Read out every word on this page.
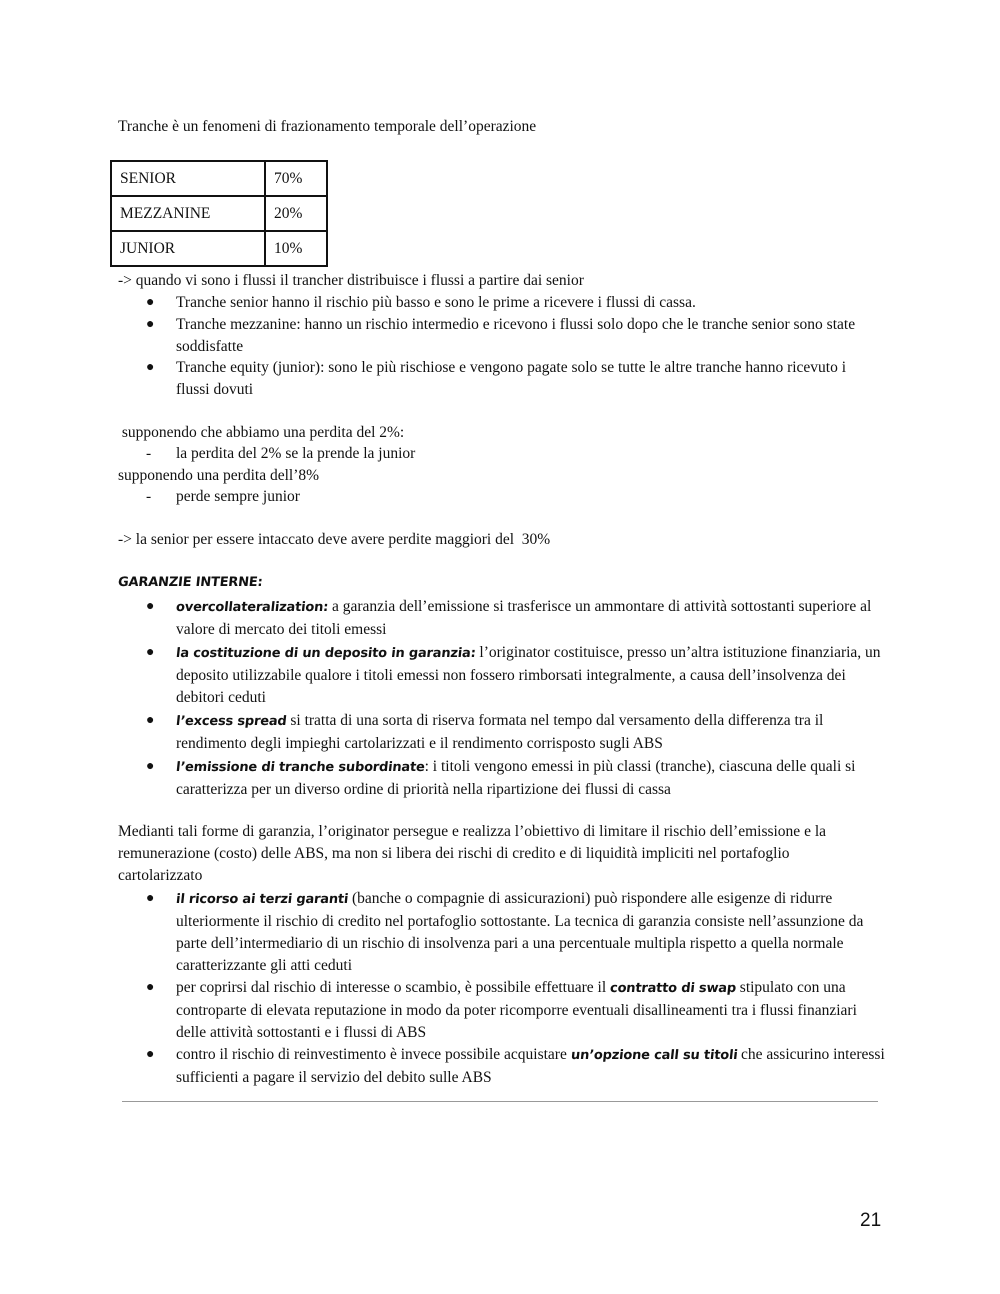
Tranche è un fenomeni di frazionamento temporale dell’operazione
SENIOR	70%
MEZZANINE	20%
JUNIOR	10%
-> quando vi sono i flussi il trancher distribuisce i flussi a partire dai senior
● Tranche senior hanno il rischio più basso e sono le prime a ricevere i flussi di cassa.
● Tranche mezzanine: hanno un rischio intermedio e ricevono i flussi solo dopo che le tranche senior sono state soddisfatte
● Tranche equity (junior): sono le più rischiose e vengono pagate solo se tutte le altre tranche hanno ricevuto i flussi dovuti
supponendo che abbiamo una perdita del 2%:
- la perdita del 2% se la prende la junior
supponendo una perdita dell’8%
- perde sempre junior
-> la senior per essere intaccato deve avere perdite maggiori del  30%
GARANZIE INTERNE:
● overcollateralization: a garanzia dell’emissione si trasferisce un ammontare di attività sottostanti superiore al valore di mercato dei titoli emessi
● la costituzione di un deposito in garanzia: l’originator costituisce, presso un’altra istituzione finanziaria, un deposito utilizzabile qualore i titoli emessi non fossero rimborsati integralmente, a causa dell’insolvenza dei debitori ceduti
● l’excess spread si tratta di una sorta di riserva formata nel tempo dal versamento della differenza tra il rendimento degli impieghi cartolarizzati e il rendimento corrisposto sugli ABS
● l’emissione di tranche subordinate: i titoli vengono emessi in più classi (tranche), ciascuna delle quali si caratterizza per un diverso ordine di priorità nella ripartizione dei flussi di cassa
Medianti tali forme di garanzia, l’originator persegue e realizza l’obiettivo di limitare il rischio dell’emissione e la remunerazione (costo) delle ABS, ma non si libera dei rischi di credito e di liquidità impliciti nel portafoglio cartolarizzato
● il ricorso ai terzi garanti (banche o compagnie di assicurazioni) può rispondere alle esigenze di ridurre ulteriormente il rischio di credito nel portafoglio sottostante. La tecnica di garanzia consiste nell’assunzione da parte dell’intermediario di un rischio di insolvenza pari a una percentuale multipla rispetto a quella normale caratterizzante gli atti ceduti
● per coprirsi dal rischio di interesse o scambio, è possibile effettuare il contratto di swap stipulato con una controparte di elevata reputazione in modo da poter ricomporre eventuali disallineamenti tra i flussi finanziari delle attività sottostanti e i flussi di ABS
● contro il rischio di reinvestimento è invece possibile acquistare un’opzione call su titoli che assicurino interessi sufficienti a pagare il servizio del debito sulle ABS
21
